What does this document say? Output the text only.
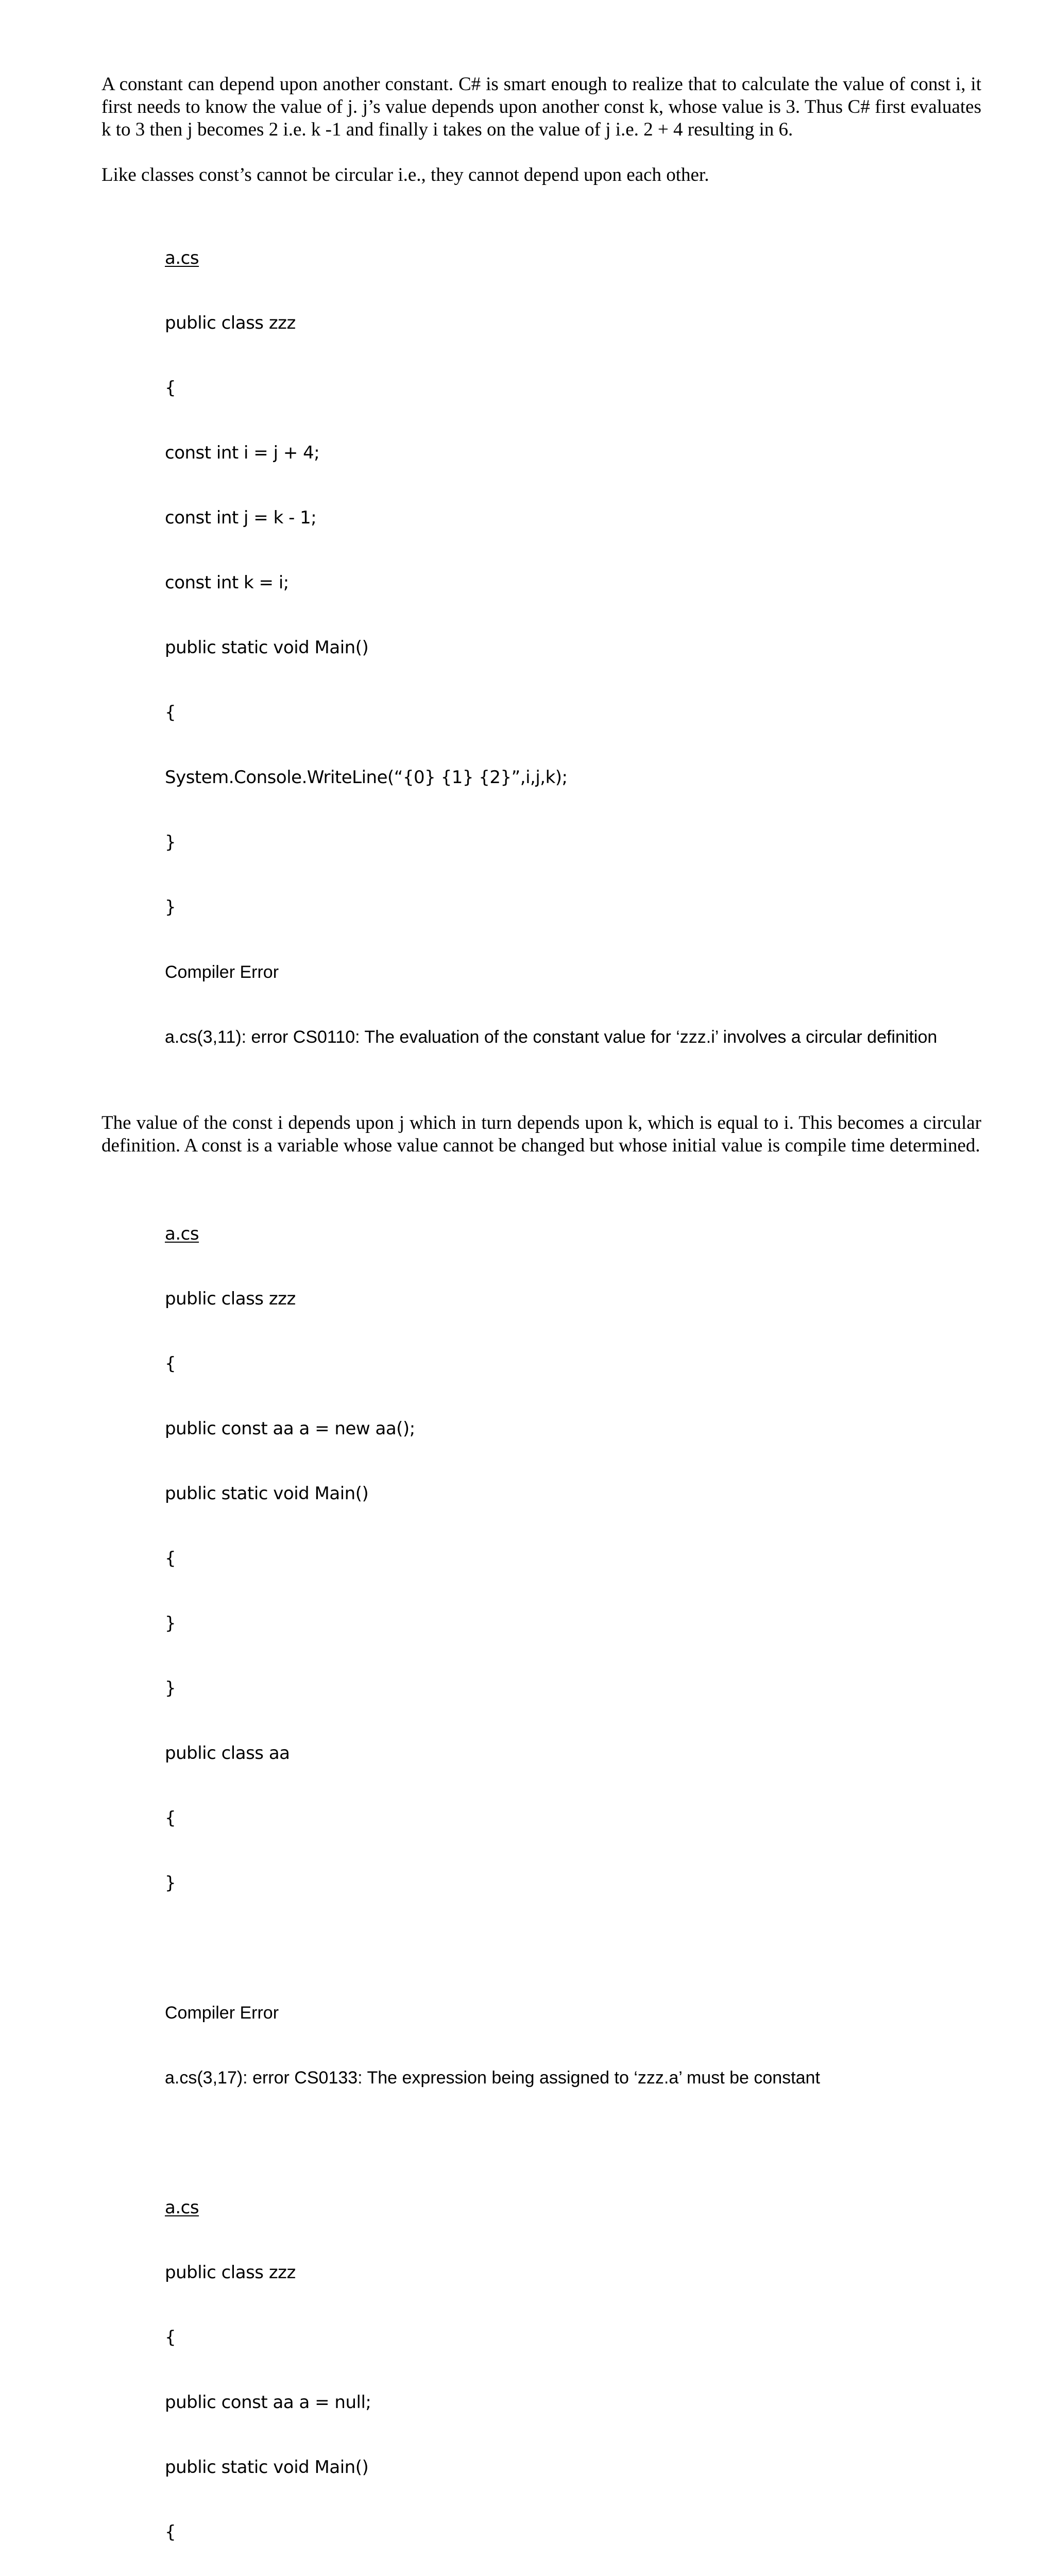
A constant can depend upon another constant. C# is smart enough to realize that to calculate the value of const i, it first needs to know the value of j. j’s value depends upon another const k, whose value is 3. Thus C# first evaluates k to 3 then j becomes 2 i.e. k -1 and finally i takes on the value of j i.e. 2 + 4 resulting in 6.

Like classes const’s cannot be circular i.e., they cannot depend upon each other.

a.cs

public class zzz

{

const int i = j + 4;

const int j = k - 1;

const int k = i;

public static void Main()

{

System.Console.WriteLine(“{0} {1} {2}”,i,j,k);

}

}

Compiler Error

a.cs(3,11): error CS0110: The evaluation of the constant value for ‘zzz.i’ involves a circular definition

The value of the const i depends upon j which in turn depends upon k, which is equal to i. This becomes a circular definition. A const is a variable whose value cannot be changed but whose initial value is compile time determined.

a.cs

public class zzz

{

public const aa a = new aa();

public static void Main()

{

}

}

public class aa

{

}

Compiler Error

a.cs(3,17): error CS0133: The expression being assigned to ‘zzz.a’ must be constant

a.cs

public class zzz

{

public const aa a = null;

public static void Main()

{
